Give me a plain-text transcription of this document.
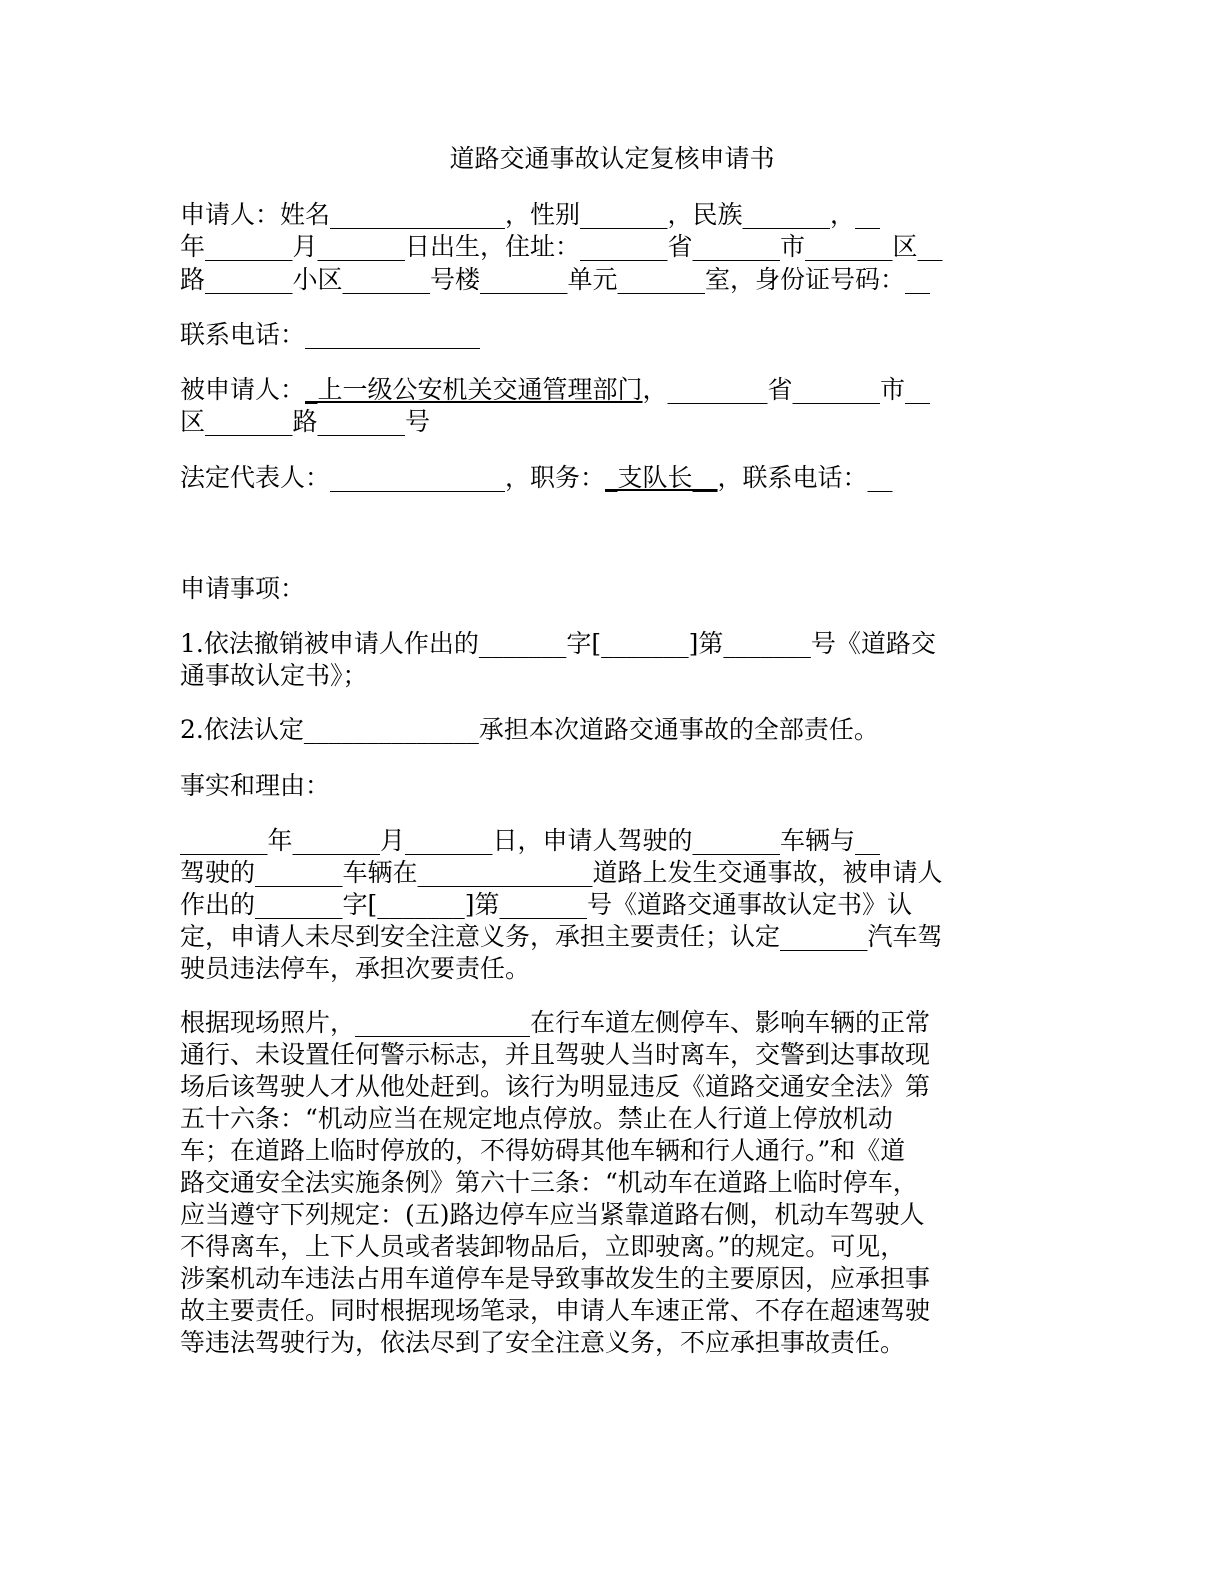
道路交通事故认定复核申请书

申请人：姓名______________，性别_______，民族_______，__

年_______月_______日出生，住址：_______省_______市_______区__

路_______小区_______号楼_______单元_______室，身份证号码：__

联系电话：______________

被申请人：_上一级公安机关交通管理部门，________省_______市__

区_______路_______号

法定代表人：______________，职务：_支队长__，联系电话：__

申请事项：

1.依法撤销被申请人作出的_______字[_______]第_______号《道路交

通事故认定书》；

2.依法认定______________承担本次道路交通事故的全部责任。

事实和理由：

_______年_______月_______日，申请人驾驶的_______车辆与__

驾驶的_______车辆在______________道路上发生交通事故，被申请人

作出的_______字[_______]第_______号《道路交通事故认定书》认

定，申请人未尽到安全注意义务，承担主要责任；认定_______汽车驾

驶员违法停车，承担次要责任。

根据现场照片，______________在行车道左侧停车、影响车辆的正常

通行、未设置任何警示标志，并且驾驶人当时离车，交警到达事故现

场后该驾驶人才从他处赶到。该行为明显违反《道路交通安全法》第

五十六条：“机动应当在规定地点停放。禁止在人行道上停放机动

车；在道路上临时停放的，不得妨碍其他车辆和行人通行。”和《道

路交通安全法实施条例》第六十三条：“机动车在道路上临时停车，

应当遵守下列规定：(五)路边停车应当紧靠道路右侧，机动车驾驶人

不得离车，上下人员或者装卸物品后，立即驶离。”的规定。可见，

涉案机动车违法占用车道停车是导致事故发生的主要原因，应承担事

故主要责任。同时根据现场笔录，申请人车速正常、不存在超速驾驶

等违法驾驶行为，依法尽到了安全注意义务，不应承担事故责任。
